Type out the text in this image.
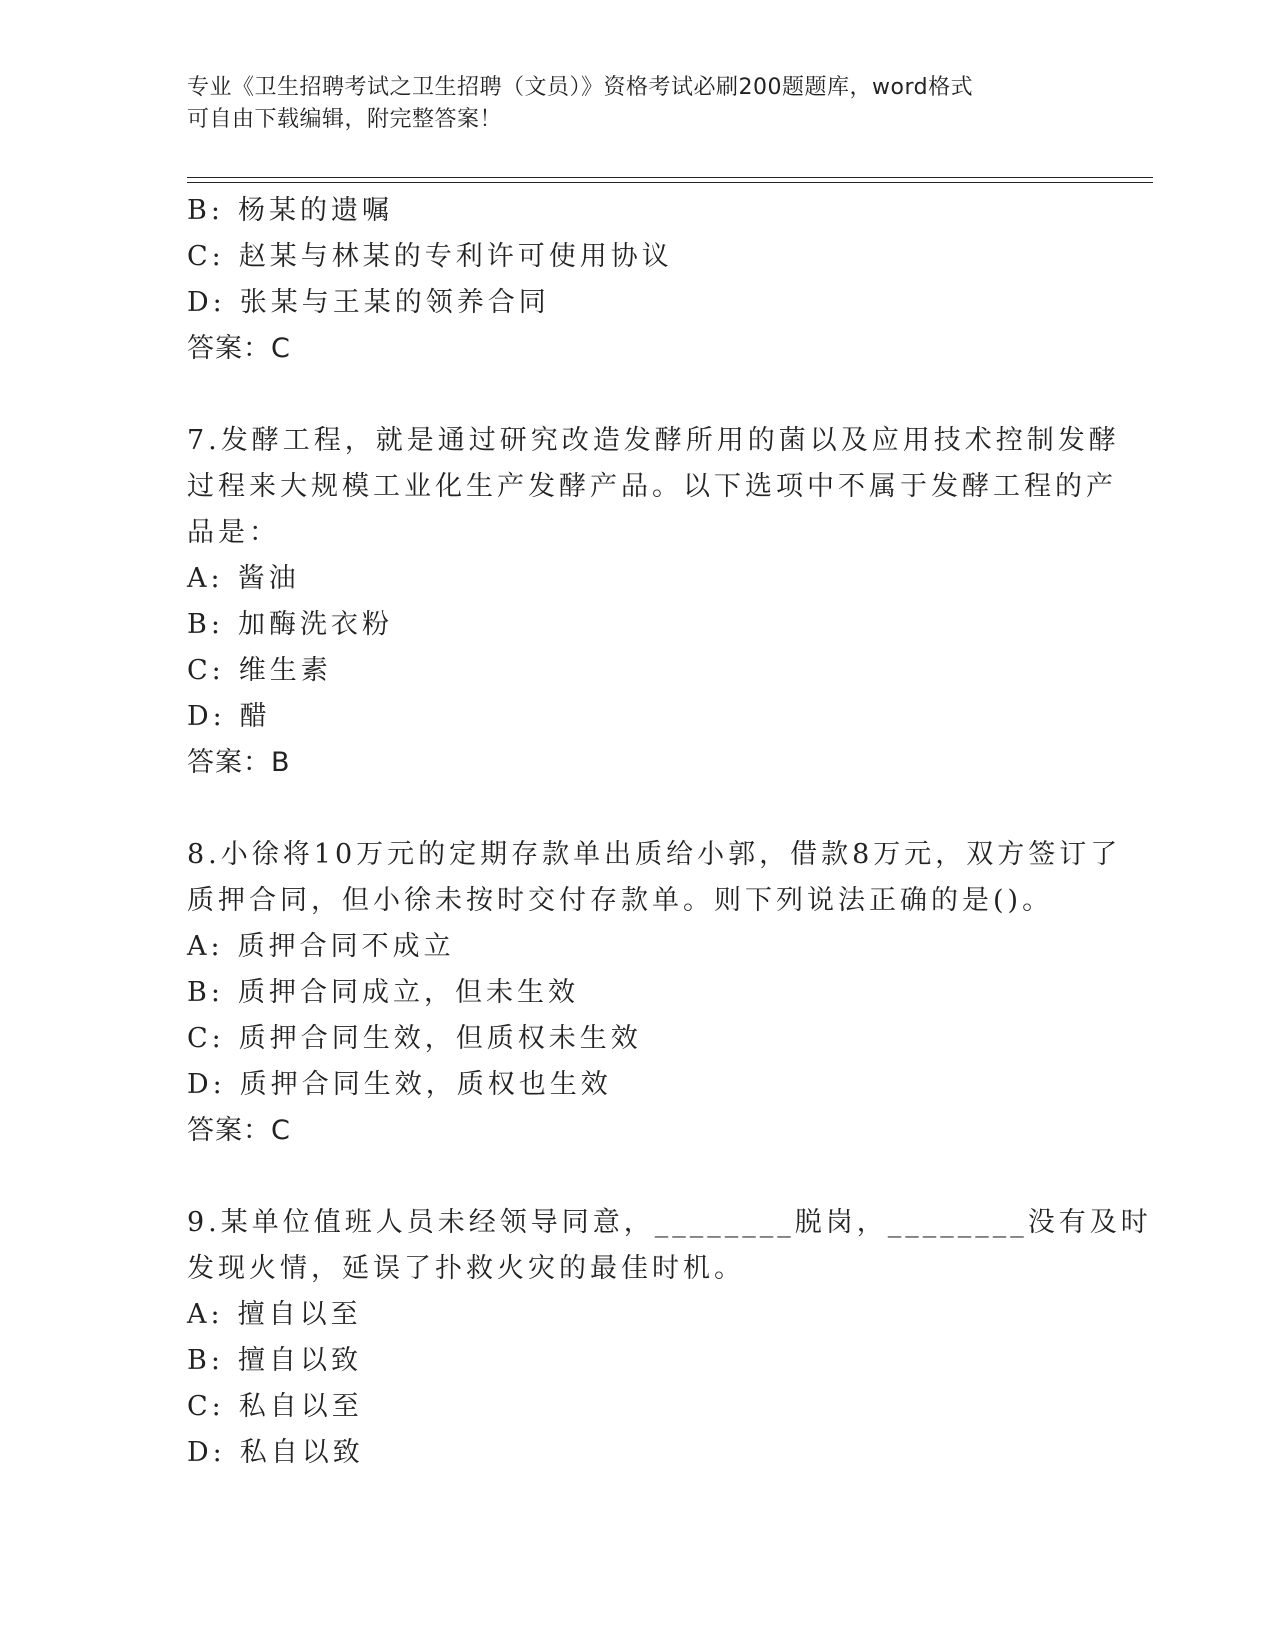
专业《卫生招聘考试之卫生招聘（文员）》资格考试必刷200题题库，word格式
可自由下载编辑，附完整答案！
B: 杨某的遗嘱
C: 赵某与林某的专利许可使用协议
D: 张某与王某的领养合同
答案：C
7.发酵工程，就是通过研究改造发酵所用的菌以及应用技术控制发酵
过程来大规模工业化生产发酵产品。以下选项中不属于发酵工程的产
品是：
A: 酱油
B: 加酶洗衣粉
C: 维生素
D: 醋
答案：B
8.小徐将10万元的定期存款单出质给小郭，借款8万元，双方签订了
质押合同，但小徐未按时交付存款单。则下列说法正确的是()。
A: 质押合同不成立
B: 质押合同成立，但未生效
C: 质押合同生效，但质权未生效
D: 质押合同生效，质权也生效
答案：C
9.某单位值班人员未经领导同意，________脱岗，________没有及时
发现火情，延误了扑救火灾的最佳时机。
A: 擅自以至
B: 擅自以致
C: 私自以至
D: 私自以致
